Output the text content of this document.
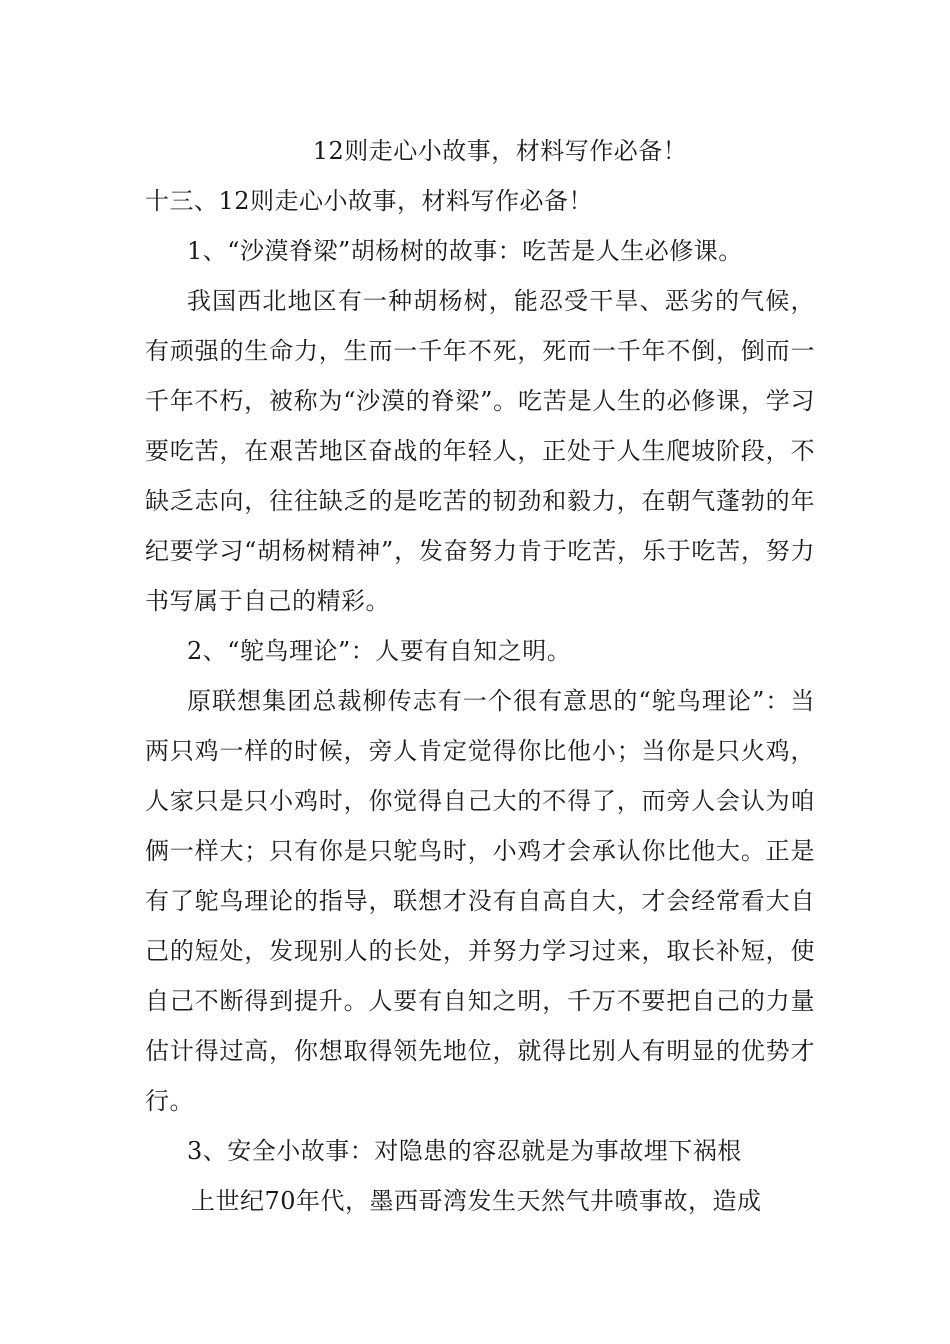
12则走心小故事，材料写作必备！

十三、12则走心小故事，材料写作必备！

1、“沙漠脊梁”胡杨树的故事：吃苦是人生必修课。

我国西北地区有一种胡杨树，能忍受干旱、恶劣的气候，有顽强的生命力，生而一千年不死，死而一千年不倒，倒而一千年不朽，被称为“沙漠的脊梁”。吃苦是人生的必修课，学习要吃苦，在艰苦地区奋战的年轻人，正处于人生爬坡阶段，不缺乏志向，往往缺乏的是吃苦的韧劲和毅力，在朝气蓬勃的年纪要学习“胡杨树精神”，发奋努力肯于吃苦，乐于吃苦，努力书写属于自己的精彩。

2、“鸵鸟理论”：人要有自知之明。

原联想集团总裁柳传志有一个很有意思的“鸵鸟理论”：当两只鸡一样的时候，旁人肯定觉得你比他小；当你是只火鸡，人家只是只小鸡时，你觉得自己大的不得了，而旁人会认为咱俩一样大；只有你是只鸵鸟时，小鸡才会承认你比他大。正是有了鸵鸟理论的指导，联想才没有自高自大，才会经常看大自己的短处，发现别人的长处，并努力学习过来，取长补短，使自己不断得到提升。人要有自知之明，千万不要把自己的力量估计得过高，你想取得领先地位，就得比别人有明显的优势才行。

3、安全小故事：对隐患的容忍就是为事故埋下祸根

上世纪70年代，墨西哥湾发生天然气井喷事故，造成
